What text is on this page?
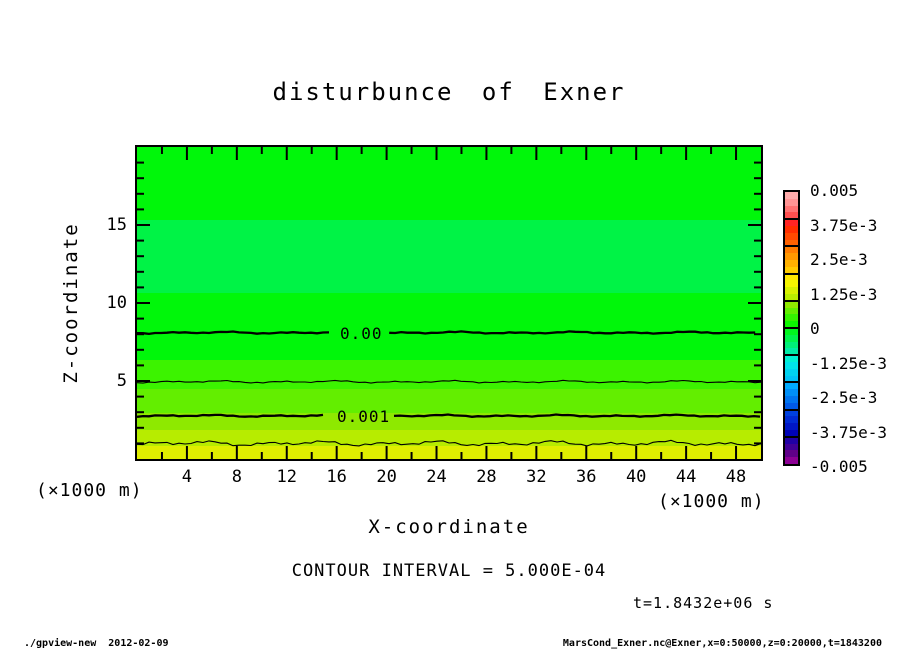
disturbunce of Exner
0.00
0.001
Z-coordinate
X-coordinate
(×1000 m)
(×1000 m)
CONTOUR INTERVAL = 5.000E-04
t=1.8432e+06 s
./gpview-new  2012-02-09	MarsCond_Exner.nc@Exner,x=0:50000,z=0:20000,t=1843200
4	8	12	16	20	24	28	32	36	40	44	48
5
10
15
0.005
3.75e-3
2.5e-3
1.25e-3
0
-1.25e-3
-2.5e-3
-3.75e-3
-0.005
